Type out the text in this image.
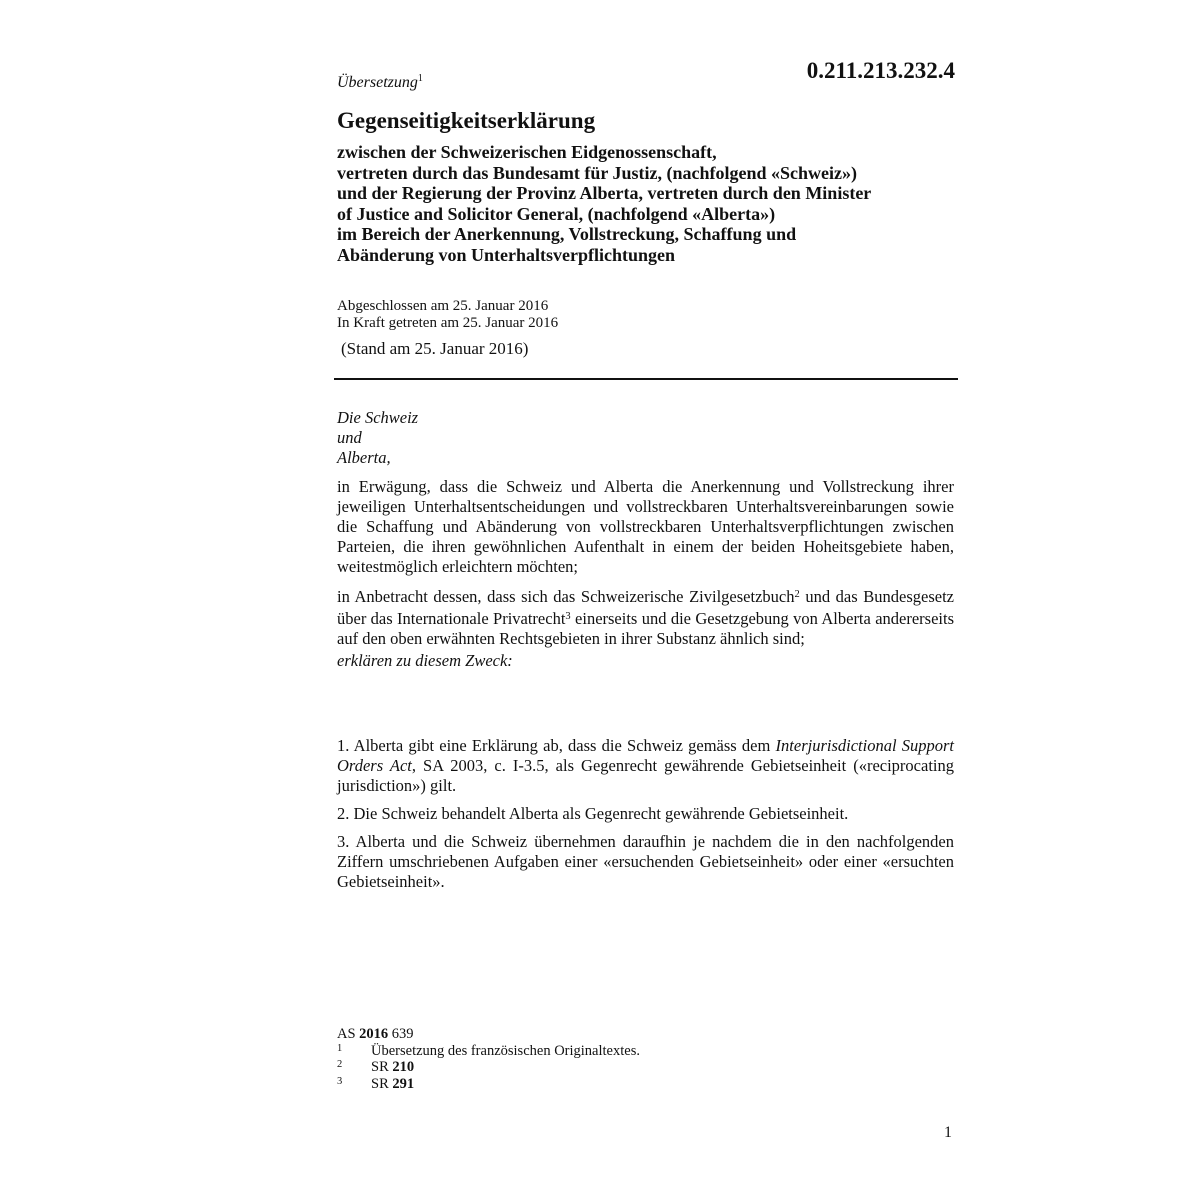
0.211.213.232.4
Übersetzung$^1$
Gegenseitigkeitserklärung
zwischen der Schweizerischen Eidgenossenschaft,
vertreten durch das Bundesamt für Justiz, (nachfolgend «Schweiz»)
und der Regierung der Provinz Alberta, vertreten durch den Minister
of Justice and Solicitor General, (nachfolgend «Alberta»)
im Bereich der Anerkennung, Vollstreckung, Schaffung und
Abänderung von Unterhaltsverpflichtungen
Abgeschlossen am 25. Januar 2016
In Kraft getreten am 25. Januar 2016
(Stand am 25. Januar 2016)
Die Schweiz
und
Alberta,

in Erwägung, dass die Schweiz und Alberta die Anerkennung und Vollstreckung ihrer jeweiligen Unterhaltsentscheidungen und vollstreckbaren Unterhaltsvereinbarungen sowie die Schaffung und Abänderung von vollstreckbaren Unterhaltsverpflichtungen zwischen Parteien, die ihren gewöhnlichen Aufenthalt in einem der beiden Hoheitsgebiete haben, weitestmöglich erleichtern möchten;

in Anbetracht dessen, dass sich das Schweizerische Zivilgesetzbuch$^2$ und das Bundesgesetz über das Internationale Privatrecht$^3$ einerseits und die Gesetzgebung von Alberta andererseits auf den oben erwähnten Rechtsgebieten in ihrer Substanz ähnlich sind;

erklären zu diesem Zweck:

1. Alberta gibt eine Erklärung ab, dass die Schweiz gemäss dem Interjurisdictional Support Orders Act, SA 2003, c. I-3.5, als Gegenrecht gewährende Gebietseinheit («reciprocating jurisdiction») gilt.

2. Die Schweiz behandelt Alberta als Gegenrecht gewährende Gebietseinheit.

3. Alberta und die Schweiz übernehmen daraufhin je nachdem die in den nachfolgenden Ziffern umschriebenen Aufgaben einer «ersuchenden Gebietseinheit» oder einer «ersuchten Gebietseinheit».

AS 2016 639
1	Übersetzung des französischen Originaltextes.
2	SR
210
3	SR
291
1
